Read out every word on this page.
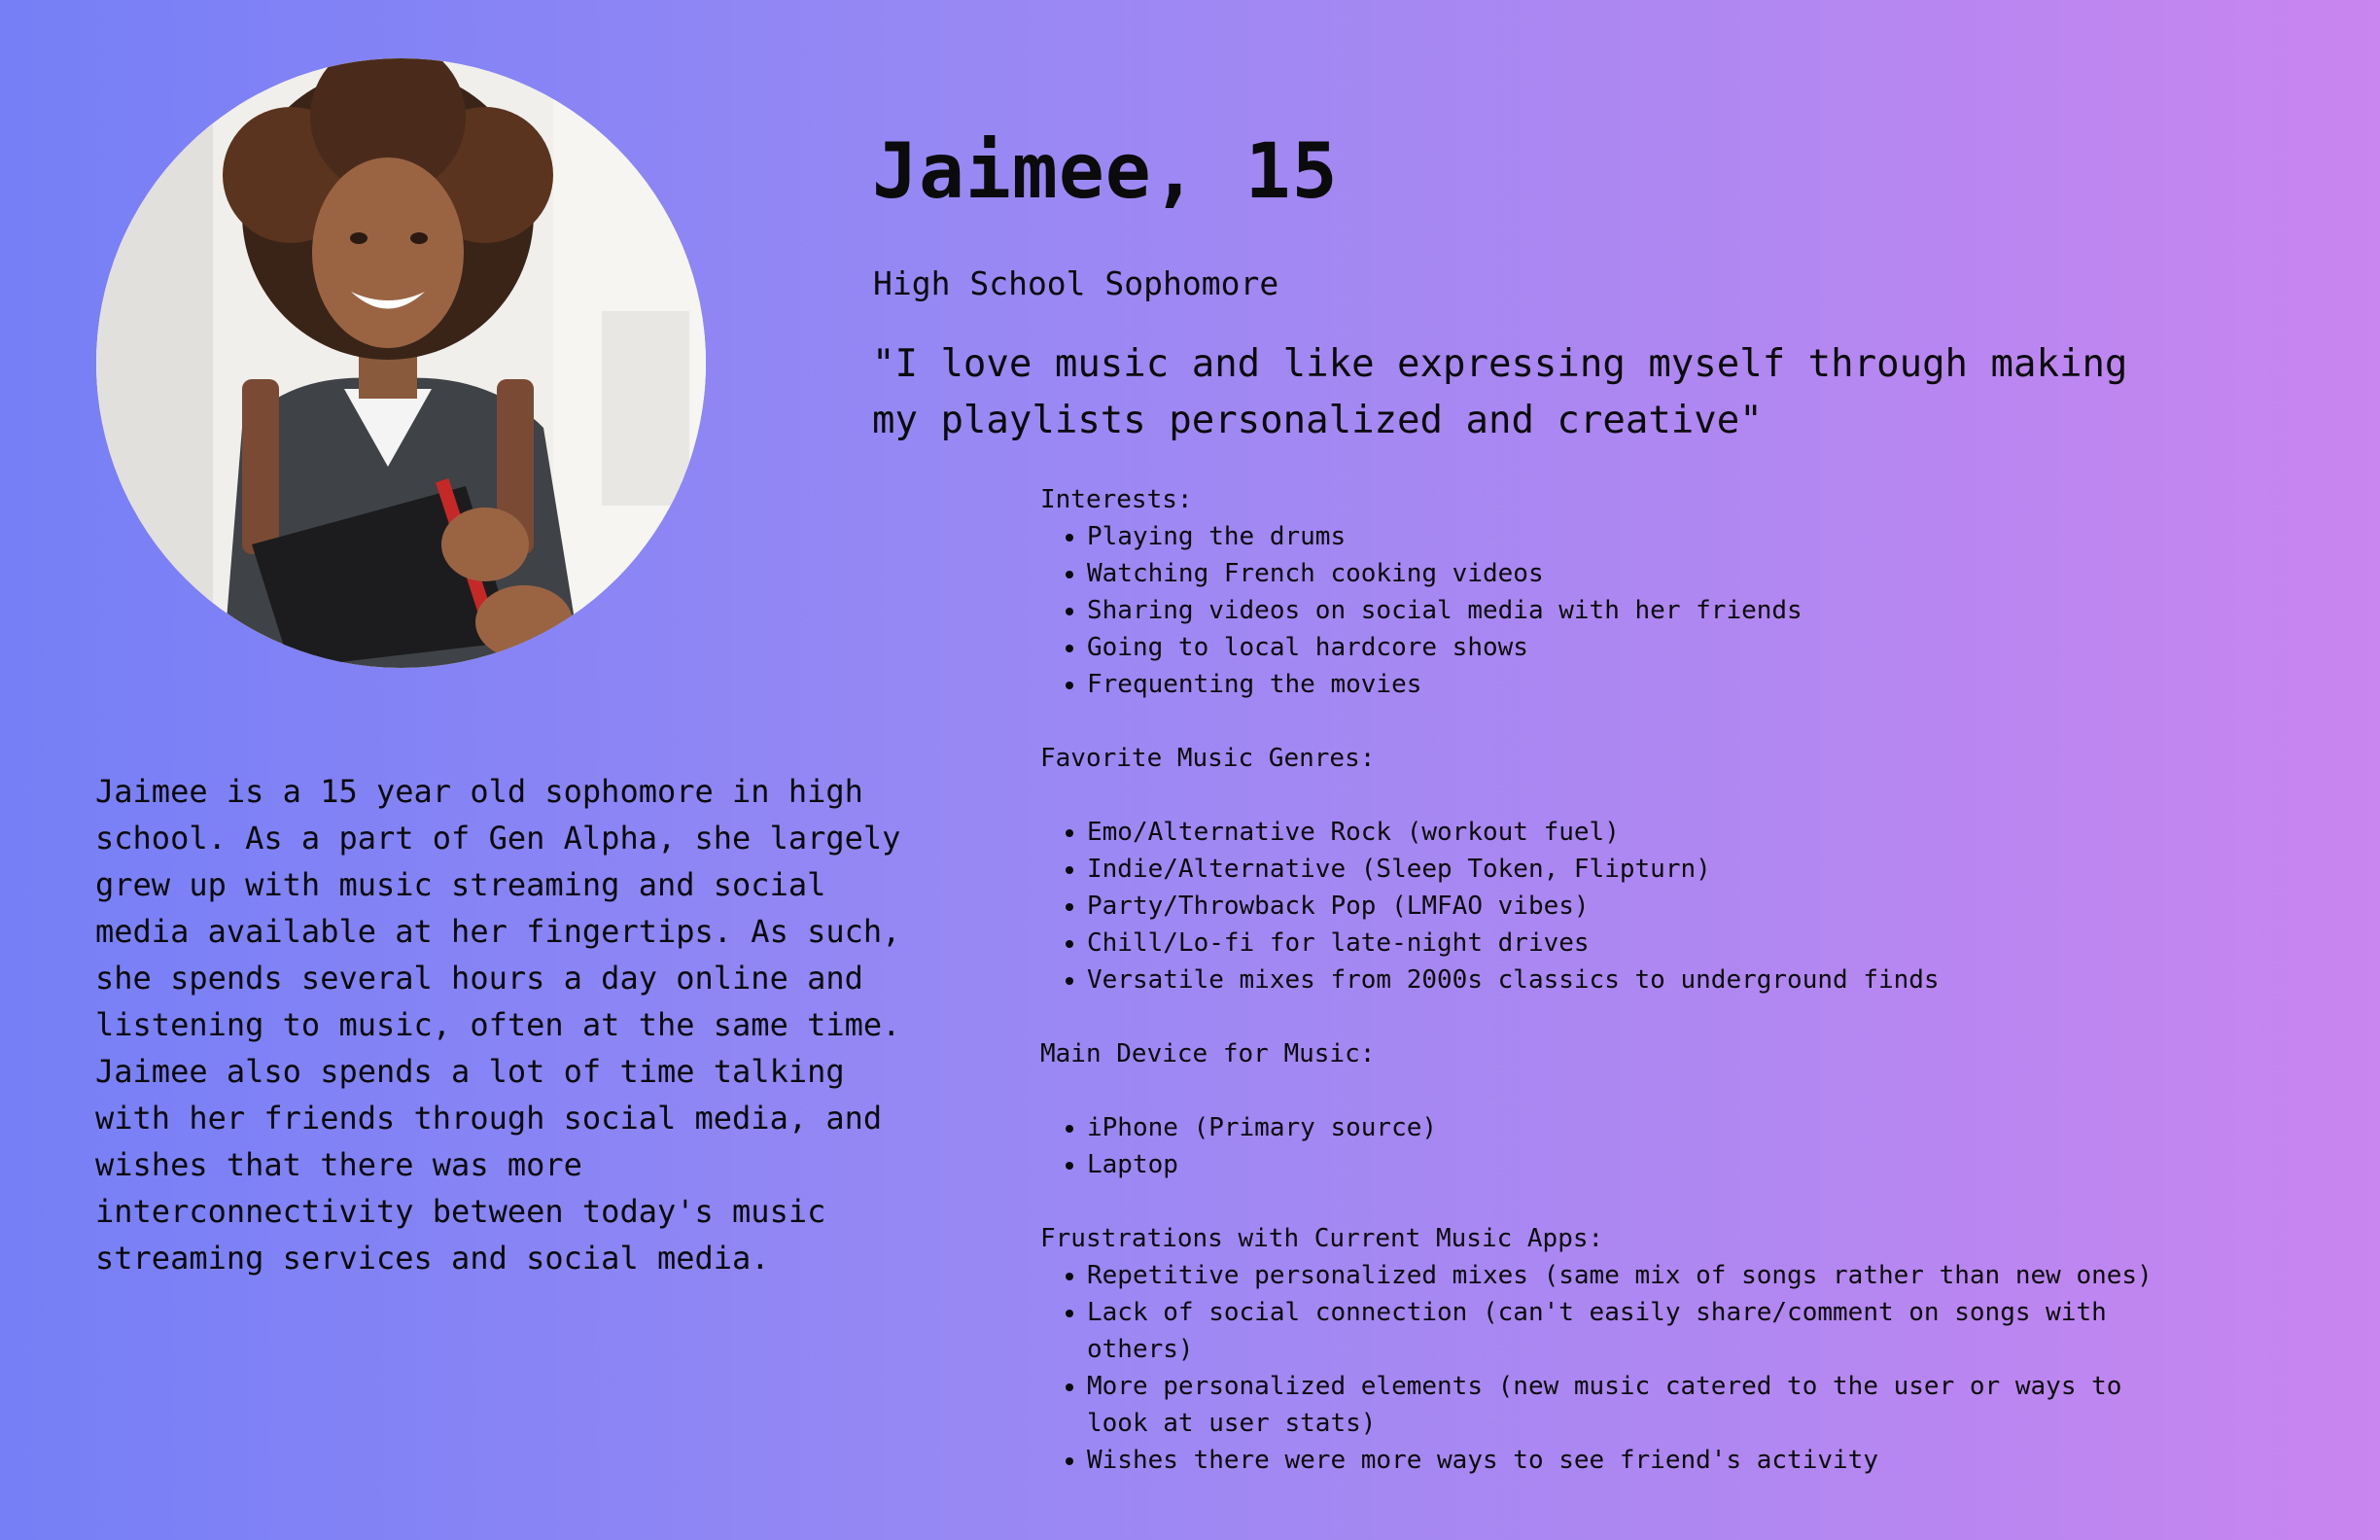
Jaimee, 15
High School Sophomore
"I love music and like expressing myself through making my playlists personalized and creative"
Jaimee is a 15 year old sophomore in high school. As a part of Gen Alpha, she largely grew up with music streaming and social media available at her fingertips. As such, she spends several hours a day online and listening to music, often at the same time. Jaimee also spends a lot of time talking with her friends through social media, and wishes that there was more interconnectivity between today's music streaming services and social media.
Interests:
• Playing the drums
• Watching French cooking videos
• Sharing videos on social media with her friends
• Going to local hardcore shows
• Frequenting the movies
Favorite Music Genres:
• Emo/Alternative Rock (workout fuel)
• Indie/Alternative (Sleep Token, Flipturn)
• Party/Throwback Pop (LMFAO vibes)
• Chill/Lo-fi for late-night drives
• Versatile mixes from 2000s classics to underground finds
Main Device for Music:
• iPhone (Primary source)
• Laptop
Frustrations with Current Music Apps:
• Repetitive personalized mixes (same mix of songs rather than new ones)
• Lack of social connection (can't easily share/comment on songs with others)
• More personalized elements (new music catered to the user or ways to look at user stats)
• Wishes there were more ways to see friend's activity
